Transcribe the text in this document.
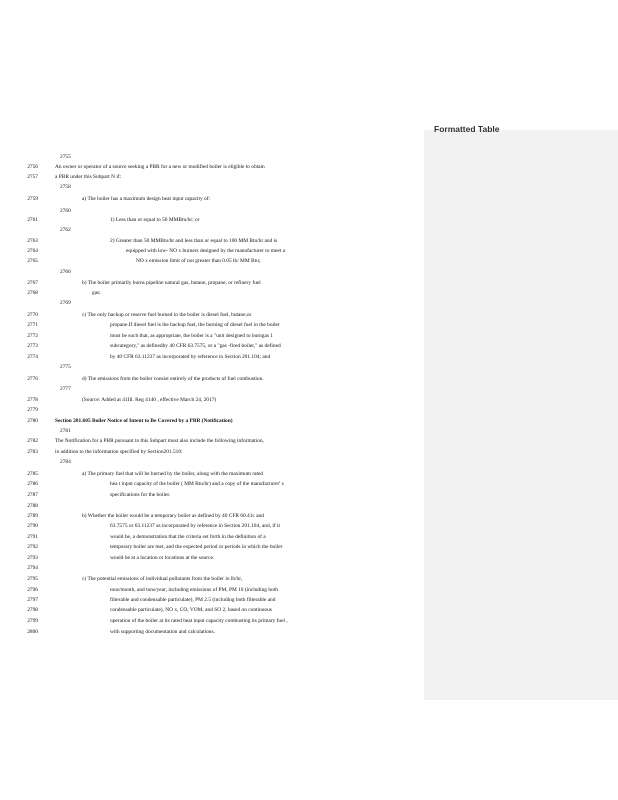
Formatted Table
2755
2756	An owner or operator of a source seeking a PBR for a new or modified boiler is eligible to obtain
2757	a PBR under this Subpart N if:
2758
2759	a) The boiler has a maximum design heat input capacity of:
2760
2761	1) Less than or equal to 50 MMBtu/hr; or
2762
2763	2) Greater than 50 MMBtu/hr and less than or equal to 100 MM Btu/hr and is
2764	equipped with low- NO x burners designed by the manufacturer to meet a
2765	NO x emission limit of not greater than 0.05 lb/ MM Btu;
2766
2767	b) The boiler primarily burns pipeline natural gas, butane, propane, or refinery fuel
2768	gas;
2769
2770	c) The only backup or reserve fuel burned in the boiler is diesel fuel, butane,or
2771	propane.If diesel fuel is the backup fuel, the burning of diesel fuel in the boiler
2772	must be such that, as appropriate, the boiler is a "unit designed to burngas 1
2773	subcategory," as definedby 40 CFR 63.7575, or a "gas -fired boiler," as defined
2774	by 40 CFR 63.11237 as incorporated by reference in Section 201.104; and
2775
2776	d) The emissions from the boiler consist entirely of the products of fuel combustion.
2777
2778	(Source: Added at 41Ill. Reg 4140 , effective March 24, 2017)
2779
2780	Section 201.605 Boiler Notice of Intent to Be Covered by a PBR (Notification)
2781
2782	The Notification for a PBR pursuant to this Subpart must also include the following information,
2783	in addition to the information specified by Section201.510:
2784
2785	a) The primary fuel that will be burned by the boiler, along with the maximum rated
2786	hea t input capacity of the boiler ( MM Btu/hr) and a copy of the manufacturer' s
2787	specifications for the boiler.
2788
2789	b) Whether the boiler would be a temporary boiler as defined by 40 CFR 60.41c and
2790	63.7575 or 63.11237 as incorporated by reference in Section 201.104, and, if it
2791	would be, a demonstration that the criteria set forth in the definition of a
2792	temporary boiler are met, and the expected period or periods in which the boiler
2793	would be at a location or locations at the source.
2794
2795	c) The potential emissions of individual pollutants from the boiler in lb/hr,
2796	tons/month, and tons/year, including emissions of PM, PM 10 (including both
2797	filterable and condensable particulate), PM 2.5 (including both filterable and
2798	condensable particulate), NO x, CO, VOM, and SO 2, based on continuous
2799	operation of the boiler at its rated heat input capacity combusting its primary fuel ,
2800	with supporting documentation and calculations.
